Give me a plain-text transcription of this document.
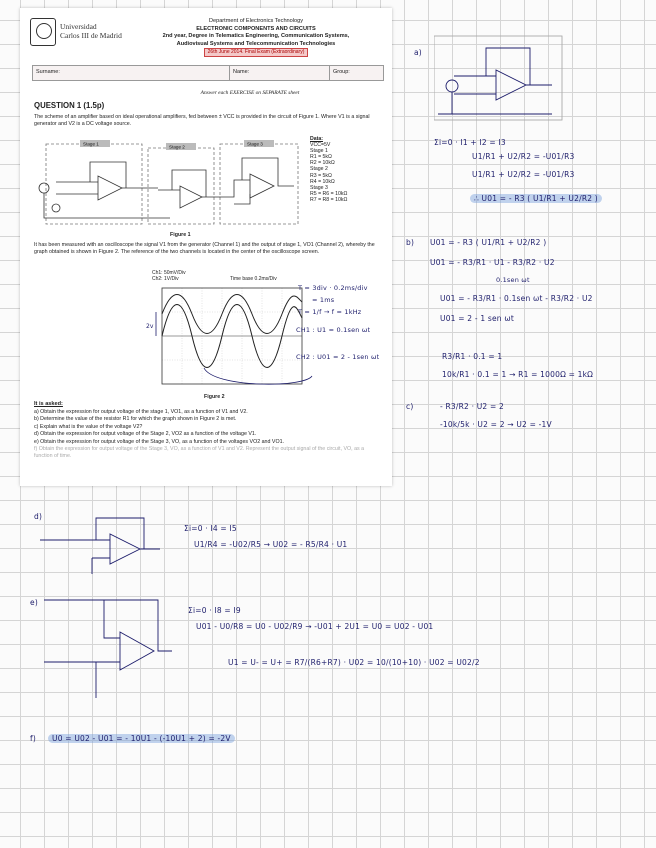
Universidad
Carlos III de Madrid
Department of Electronics Technology
ELECTRONIC COMPONENTS AND CIRCUITS
2nd year, Degree in Telematics Engineering, Communication Systems,
Audiovisual Systems and Telecommunication Technologies
26th June 2014. Final Exam (Extraordinary)
Surname:	Name:	Group:
Answer each EXERCISE on SEPARATE sheet
QUESTION 1 (1.5p)
The scheme of an amplifier based on ideal operational amplifiers, fed between ± VCC is provided in the circuit of Figure 1. Where V1 is a signal generator and V2 is a DC voltage source.
Stage 1
Stage 2
Stage 3
Data:
VCC=5V
Stage 1
R1 = 5kΩ
R2 = 10kΩ
Stage 2
R3 = 5kΩ
R4 = 10kΩ
Stage 3
R5 = R6 = 10kΩ
R7 = R8 = 10kΩ
Figure 1
It has been measured with an oscilloscope the signal V1 from the generator (Channel 1) and the output of stage 1, VO1 (Channel 2), whereby the graph obtained is shown in Figure 2. The reference of the two channels is located in the center of the oscilloscope screen.
Ch1: 50mV/Div
Ch2: 1V/Div	Time base 0.2ms/Div
2v
Figure 2
T = 3div · 0.2ms/div
= 1ms
T = 1/f → f = 1kHz
CH1 : U1 = 0.1sen ωt
CH2 : U01 = 2 - 1sen ωt
It is asked:
a) Obtain the expression for output voltage of the stage 1, VO1, as a function of V1 and V2.
b) Determine the value of the resistor R1 for which the graph shown in Figure 2 is met.
c) Explain what is the value of the voltage V2?
d) Obtain the expression for output voltage of the Stage 2, VO2 as a function of the voltage V1.
e) Obtain the expression for output voltage of the Stage 3, VO, as a function of the voltages VO2 and VO1.
f) Obtain the expression for output voltage of the Stage 3, VO, as a function of V1 and V2. Represent the output signal of the circuit, VO, as a function of time.
a)
Σi=0 · I1 + I2 = I3
U1/R1 + U2/R2 = -U01/R3
U1/R1 + U2/R2 = -U01/R3
∴ U01 = - R3 ( U1/R1 + U2/R2 )
b) U01 = - R3 ( U1/R1 + U2/R2 )
U01 = - R3/R1 · U1 - R3/R2 · U2
0.1sen ωt
U01 = - R3/R1 · 0.1sen ωt - R3/R2 · U2
U01 = 2 - 1 sen ωt
R3/R1 · 0.1 = 1
10k/R1 · 0.1 = 1 → R1 = 1000Ω = 1kΩ
c)	- R3/R2 · U2 = 2
-10k/5k · U2 = 2 → U2 = -1V
d)
Σi=0 · I4 = I5
U1/R4 = -U02/R5 → U02 = - R5/R4 · U1
e)
Σi=0 · I8 = I9
U01 - U0/R8 = U0 - U02/R9 → -U01 + 2U1 = U0 = U02 - U01
U1 = U- = U+ = R7/(R6+R7) · U02 = 10/(10+10) · U02 = U02/2
f)	U0 = U02 - U01 = - 10U1 - (-10U1 + 2) = -2V
